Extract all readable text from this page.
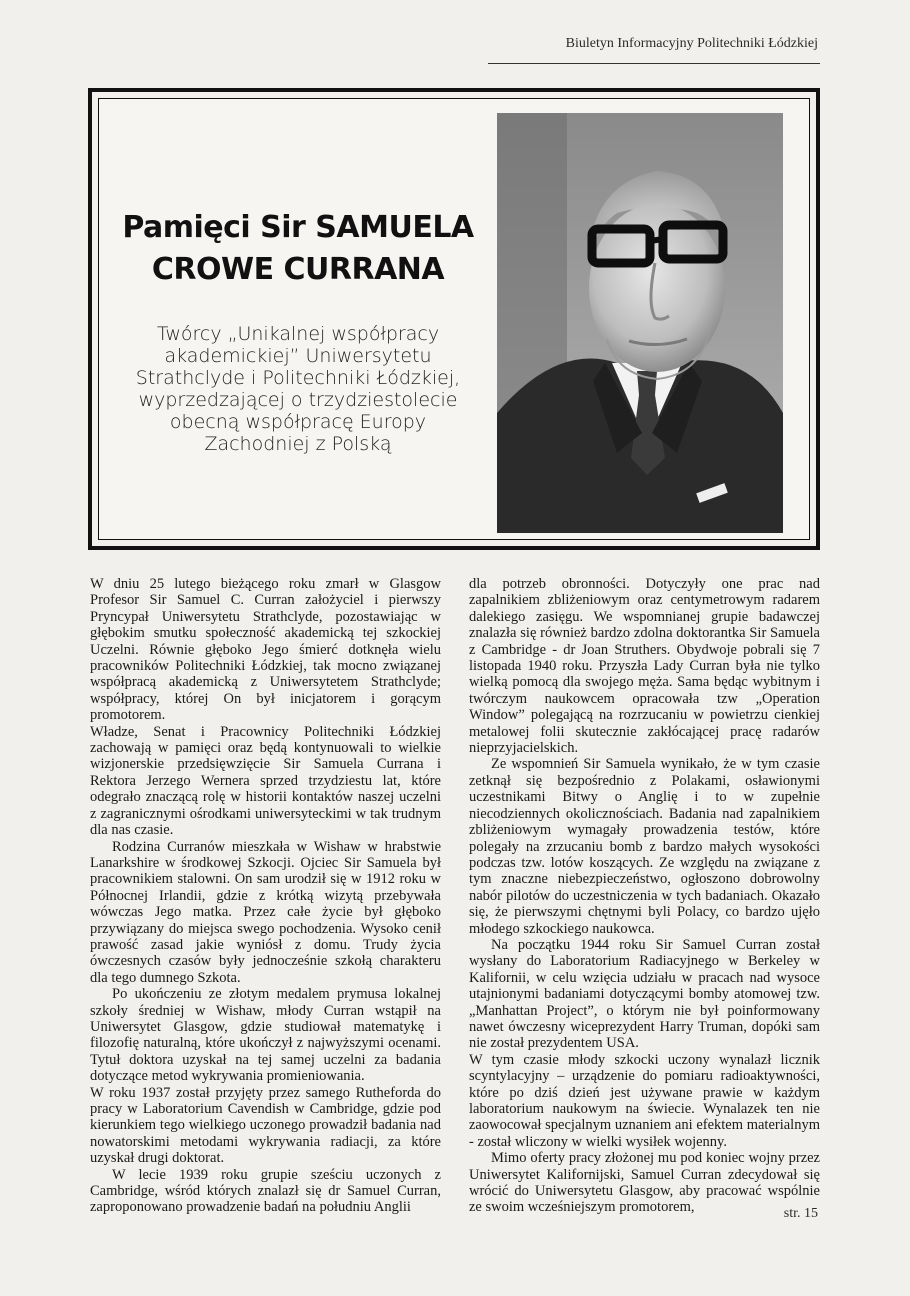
Biuletyn Informacyjny Politechniki Łódzkiej
Pamięci Sir SAMUELA
CROWE CURRANA
Twórcy „Unikalnej współpracy
akademickiej” Uniwersytetu
Strathclyde i Politechniki Łódzkiej,
wyprzedzającej o trzydziestolecie
obecną współpracę Europy
Zachodniej z Polską

W dniu 25 lutego bieżącego roku zmarł w Glasgow Profesor Sir Samuel C. Curran założyciel i pierwszy Pryncypał Uniwersytetu Strathclyde, pozostawiając w głębokim smutku społeczność akademicką tej szkockiej Uczelni. Równie głęboko Jego śmierć dotknęła wielu pracowników Politechniki Łódzkiej, tak mocno związanej współpracą akademicką z Uniwersytetem Strathclyde; współpracy, której On był inicjatorem i gorącym promotorem.

Władze, Senat i Pracownicy Politechniki Łódzkiej zachowają w pamięci oraz będą kontynuowali to wielkie wizjonerskie przedsięwzięcie Sir Samuela Currana i Rektora Jerzego Wernera sprzed trzydziestu lat, które odegrało znaczącą rolę w historii kontaktów naszej uczelni z zagranicznymi ośrodkami uniwersyteckimi w tak trudnym dla nas czasie.

Rodzina Curranów mieszkała w Wishaw w hrabstwie Lanarkshire w środkowej Szkocji. Ojciec Sir Samuela był pracownikiem stalowni. On sam urodził się w 1912 roku w Północnej Irlandii, gdzie z krótką wizytą przebywała wówczas Jego matka. Przez całe życie był głęboko przywiązany do miejsca swego pochodzenia. Wysoko cenił prawość zasad jakie wyniósł z domu. Trudy życia ówczesnych czasów były jednocześnie szkołą charakteru dla tego dumnego Szkota.

Po ukończeniu ze złotym medalem prymusa lokalnej szkoły średniej w Wishaw, młody Curran wstąpił na Uniwersytet Glasgow, gdzie studiował matematykę i filozofię naturalną, które ukończył z najwyższymi ocenami. Tytuł doktora uzyskał na tej samej uczelni za badania dotyczące metod wykrywania promieniowania.

W roku 1937 został przyjęty przez samego Rutheforda do pracy w Laboratorium Cavendish w Cambridge, gdzie pod kierunkiem tego wielkiego uczonego prowadził badania nad nowatorskimi metodami wykrywania radiacji, za które uzyskał drugi doktorat.

W lecie 1939 roku grupie sześciu uczonych z Cambridge, wśród których znalazł się dr Samuel Curran, zaproponowano prowadzenie badań na południu Anglii

dla potrzeb obronności. Dotyczyły one prac nad zapalnikiem zbliżeniowym oraz centymetrowym radarem dalekiego zasięgu. We wspomnianej grupie badawczej znalazła się również bardzo zdolna doktorantka Sir Samuela z Cambridge - dr Joan Struthers. Obydwoje pobrali się 7 listopada 1940 roku. Przyszła Lady Curran była nie tylko wielką pomocą dla swojego męża. Sama będąc wybitnym i twórczym naukowcem opracowała tzw „Operation Window” polegającą na rozrzucaniu w powietrzu cienkiej metalowej folii skutecznie zakłócającej pracę radarów nieprzyjacielskich.

Ze wspomnień Sir Samuela wynikało, że w tym czasie zetknął się bezpośrednio z Polakami, osławionymi uczestnikami Bitwy o Anglię i to w zupełnie niecodziennych okolicznościach. Badania nad zapalnikiem zbliżeniowym wymagały prowadzenia testów, które polegały na zrzucaniu bomb z bardzo małych wysokości podczas tzw. lotów koszących. Ze względu na związane z tym znaczne niebezpieczeństwo, ogłoszono dobrowolny nabór pilotów do uczestniczenia w tych badaniach. Okazało się, że pierwszymi chętnymi byli Polacy, co bardzo ujęło młodego szkockiego naukowca.

Na początku 1944 roku Sir Samuel Curran został wysłany do Laboratorium Radiacyjnego w Berkeley w Kalifornii, w celu wzięcia udziału w pracach nad wysoce utajnionymi badaniami dotyczącymi bomby atomowej tzw. „Manhattan Project”, o którym nie był poinformowany nawet ówczesny wiceprezydent Harry Truman, dopóki sam nie został prezydentem USA.

W tym czasie młody szkocki uczony wynalazł licznik scyntylacyjny – urządzenie do pomiaru radioaktywności, które po dziś dzień jest używane prawie w każdym laboratorium naukowym na świecie. Wynalazek ten nie zaowocował specjalnym uznaniem ani efektem materialnym - został wliczony w wielki wysiłek wojenny.

Mimo oferty pracy złożonej mu pod koniec wojny przez Uniwersytet Kalifornijski, Samuel Curran zdecydował się wrócić do Uniwersytetu Glasgow, aby pracować wspólnie ze swoim wcześniejszym promotorem,	str. 15
